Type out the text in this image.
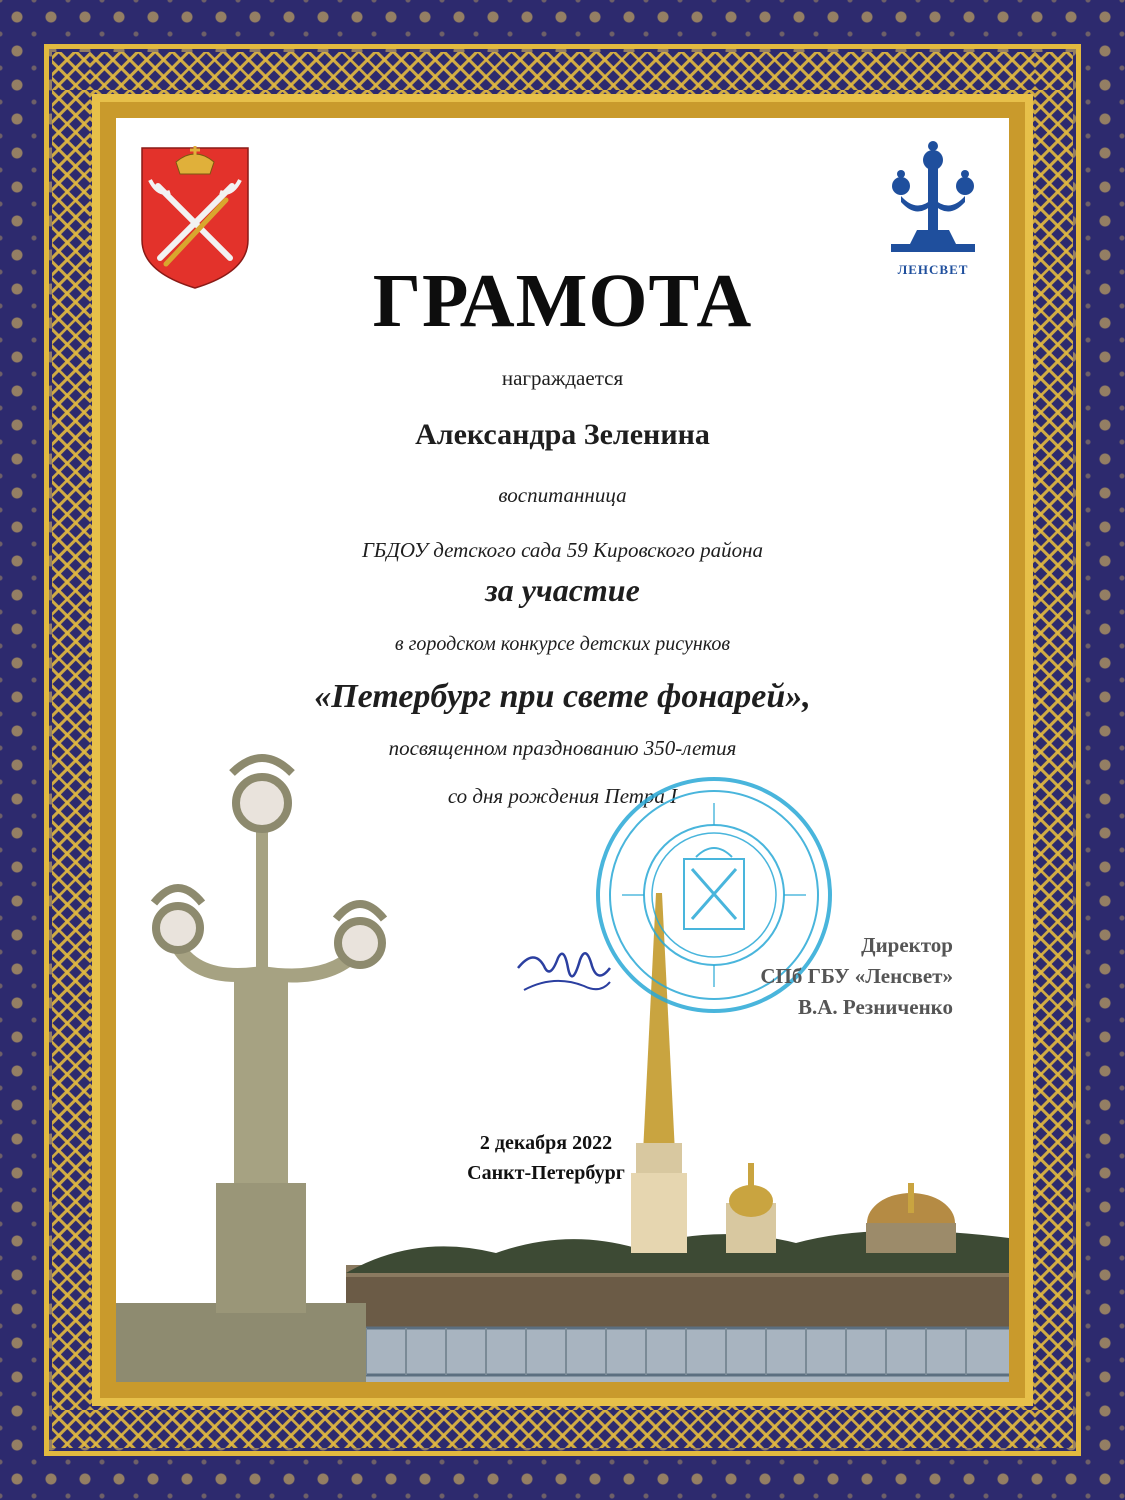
ЛЕНСВЕТ
ГРАМОТА
награждается
Александра Зеленина
воспитанница
ГБДОУ детского сада 59 Кировского района
за участие
в городском конкурсе детских рисунков
«Петербург при свете фонарей»,
посвященном празднованию 350-летия
со дня рождения Петра I
Директор
СПб ГБУ «Ленсвет»
В.А. Резниченко
2 декабря 2022
Санкт-Петербург
